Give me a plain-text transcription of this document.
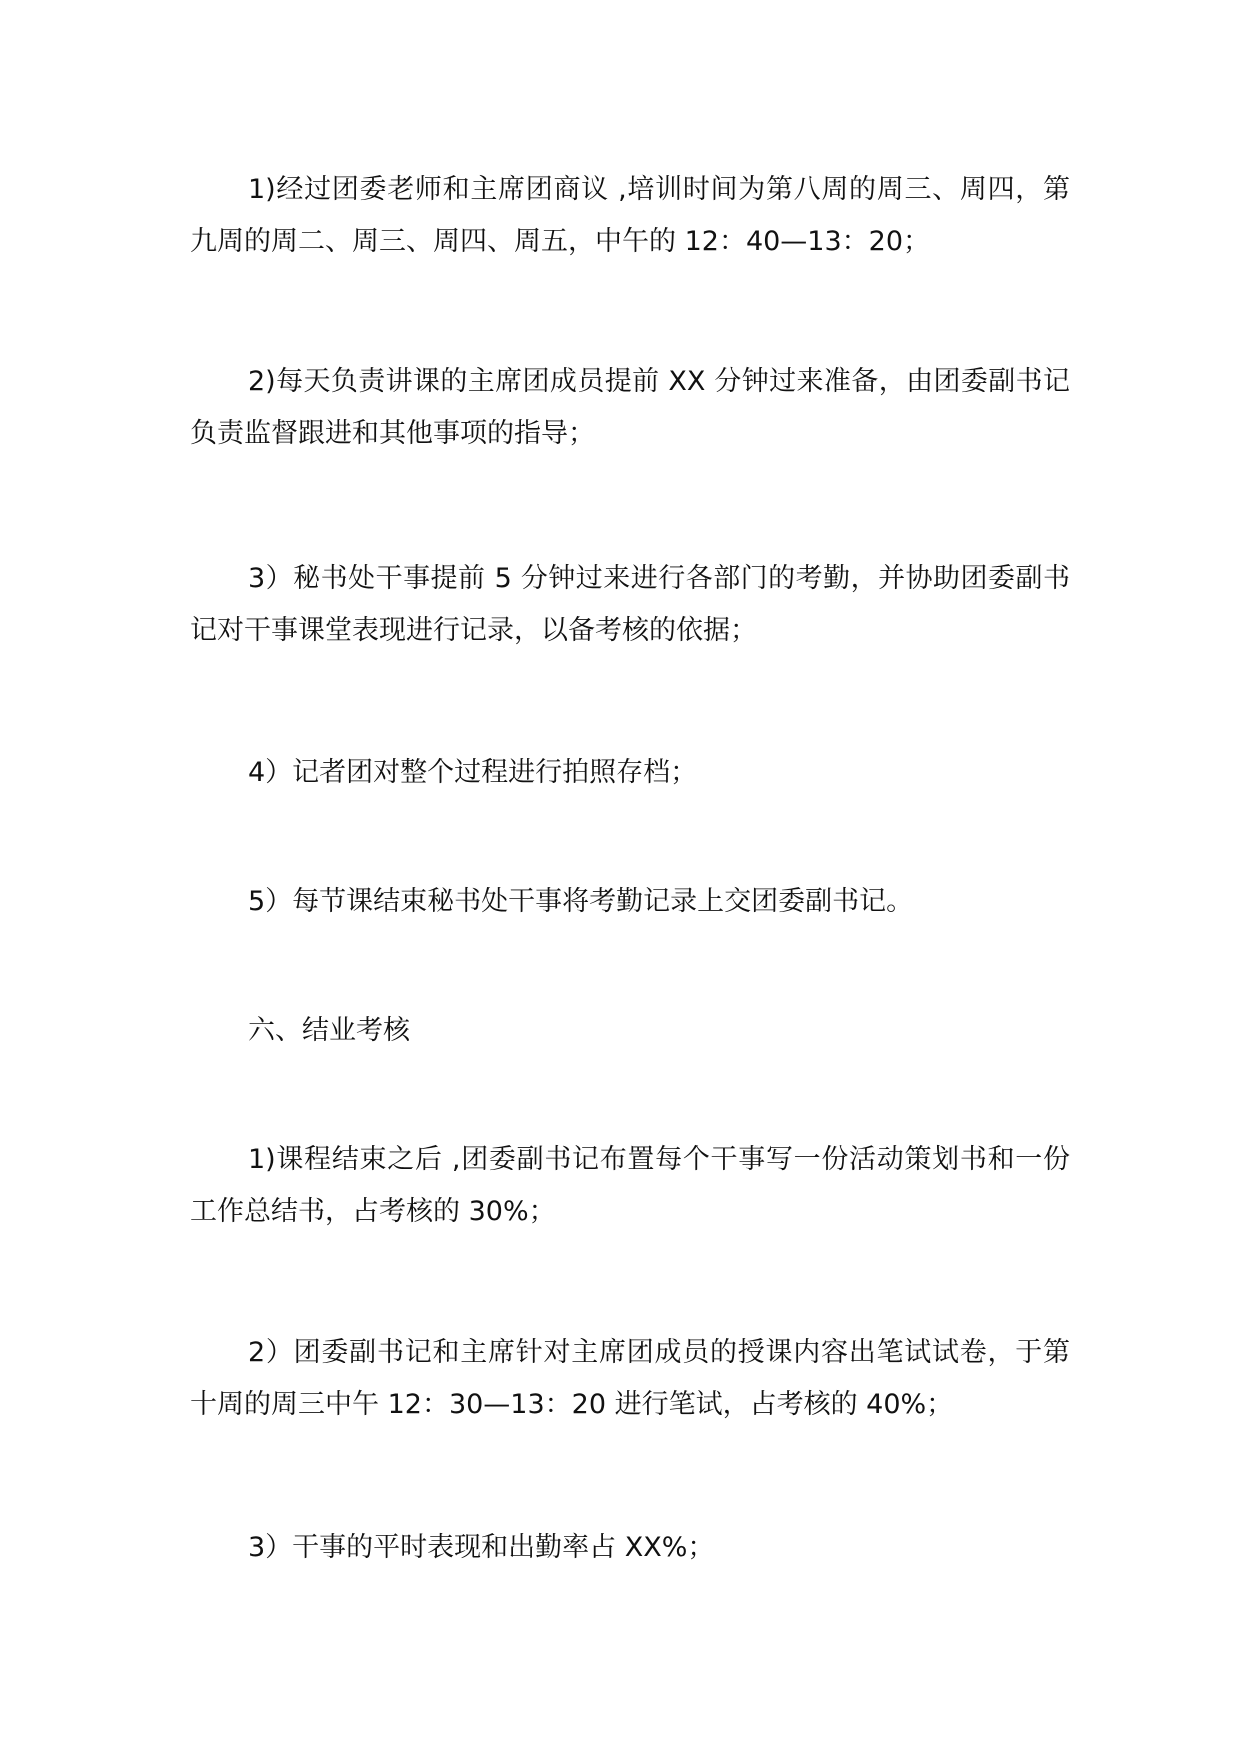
1)经过团委老师和主席团商议 ,培训时间为第八周的周三、周四，第九周的周二、周三、周四、周五，中午的 12：40—13：20；

2)每天负责讲课的主席团成员提前 XX 分钟过来准备，由团委副书记负责监督跟进和其他事项的指导；

3）秘书处干事提前 5 分钟过来进行各部门的考勤，并协助团委副书记对干事课堂表现进行记录，以备考核的依据；

4）记者团对整个过程进行拍照存档；

5）每节课结束秘书处干事将考勤记录上交团委副书记。

六、结业考核

1)课程结束之后 ,团委副书记布置每个干事写一份活动策划书和一份工作总结书，占考核的 30%；

2）团委副书记和主席针对主席团成员的授课内容出笔试试卷，于第十周的周三中午 12：30—13：20 进行笔试，占考核的 40%；

3）干事的平时表现和出勤率占 XX%；
